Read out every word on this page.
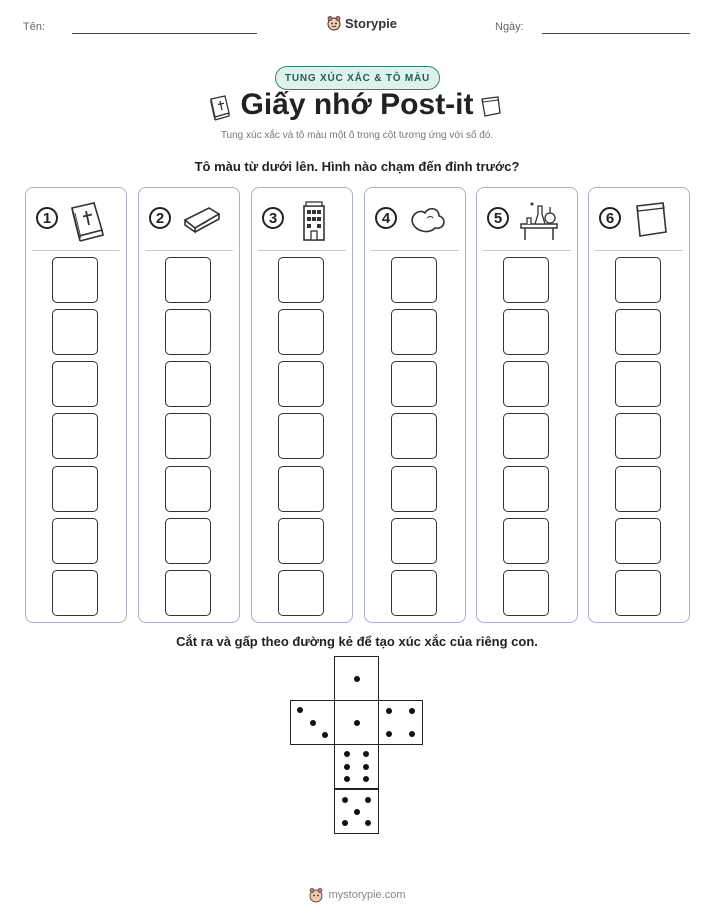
Tên:	Storypie	Ngày:
TUNG XÚC XẮC & TÔ MÀU
Giấy nhớ Post-it
Tung xúc xắc và tô màu một ô trong cột tương ứng với số đó.
Tô màu từ dưới lên. Hình nào chạm đến đỉnh trước?
1	2	3	4	5	6
Cắt ra và gấp theo đường kẻ để tạo xúc xắc của riêng con.
mystorypie.com
